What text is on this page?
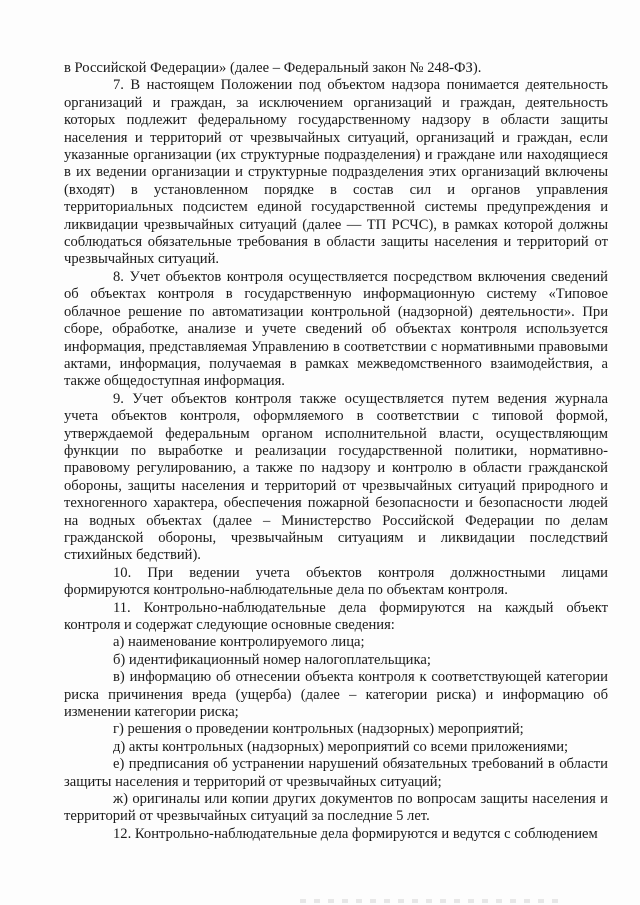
в Российской Федерации» (далее – Федеральный закон № 248-ФЗ).

7. В настоящем Положении под объектом надзора понимается деятельность организаций и граждан, за исключением организаций и граждан, деятельность которых подлежит федеральному государственному надзору в области защиты населения и территорий от чрезвычайных ситуаций, организаций и граждан, если указанные организации (их структурные подразделения) и граждане или находящиеся в их ведении организации и структурные подразделения этих организаций включены (входят) в установленном порядке в состав сил и органов управления территориальных подсистем единой государственной системы предупреждения и ликвидации чрезвычайных ситуаций (далее — ТП РСЧС), в рамках которой должны соблюдаться обязательные требования в области защиты населения и территорий от чрезвычайных ситуаций.

8. Учет объектов контроля осуществляется посредством включения сведений об объектах контроля в государственную информационную систему «Типовое облачное решение по автоматизации контрольной (надзорной) деятельности». При сборе, обработке, анализе и учете сведений об объектах контроля используется информация, представляемая Управлению в соответствии с нормативными правовыми актами, информация, получаемая в рамках межведомственного взаимодействия, а также общедоступная информация.

9. Учет объектов контроля также осуществляется путем ведения журнала учета объектов контроля, оформляемого в соответствии с типовой формой, утверждаемой федеральным органом исполнительной власти, осуществляющим функции по выработке и реализации государственной политики, нормативно-правовому регулированию, а также по надзору и контролю в области гражданской обороны, защиты населения и территорий от чрезвычайных ситуаций природного и техногенного характера, обеспечения пожарной безопасности и безопасности людей на водных объектах (далее – Министерство Российской Федерации по делам гражданской обороны, чрезвычайным ситуациям и ликвидации последствий стихийных бедствий).

10. При ведении учета объектов контроля должностными лицами формируются контрольно-наблюдательные дела по объектам контроля.

11. Контрольно-наблюдательные дела формируются на каждый объект контроля и содержат следующие основные сведения:

а) наименование контролируемого лица;

б) идентификационный номер налогоплательщика;

в) информацию об отнесении объекта контроля к соответствующей категории риска причинения вреда (ущерба) (далее – категории риска) и информацию об изменении категории риска;

г) решения о проведении контрольных (надзорных) мероприятий;

д) акты контрольных (надзорных) мероприятий со всеми приложениями;

е) предписания об устранении нарушений обязательных требований в области защиты населения и территорий от чрезвычайных ситуаций;

ж) оригиналы или копии других документов по вопросам защиты населения и территорий от чрезвычайных ситуаций за последние 5 лет.

12. Контрольно-наблюдательные дела формируются и ведутся с соблюдением
